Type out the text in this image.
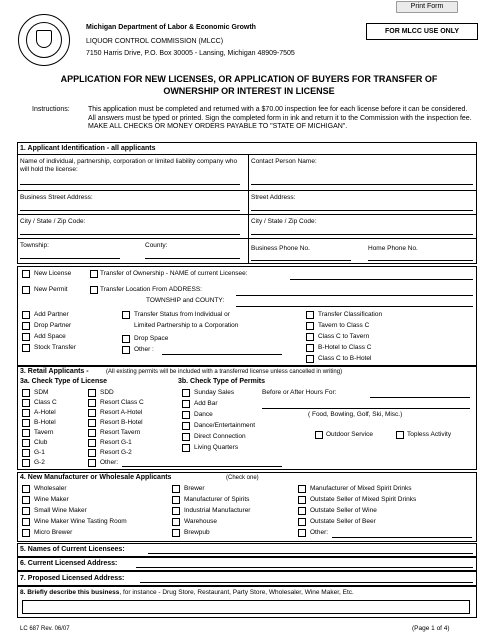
Print Form
Michigan Department of Labor & Economic Growth
LIQUOR CONTROL COMMISSION (MLCC)
7150 Harris Drive, P.O. Box 30005 - Lansing, Michigan 48909-7505
FOR MLCC USE ONLY
APPLICATION FOR NEW LICENSES, OR APPLICATION OF BUYERS FOR TRANSFER OF
OWNERSHIP OR INTEREST IN LICENSE
Instructions:	This application must be completed and returned with a $70.00 inspection fee for each license before it can be considered. All answers must be typed or printed. Sign the completed form in ink and return it to the Commission with the inspection fee. MAKE ALL CHECKS OR MONEY ORDERS PAYABLE TO "STATE OF MICHIGAN".
1. Applicant Identification - all applicants
Name of individual, partnership, corporation or limited liability company who will hold the license:
Contact Person Name:
Business Street Address:	Street Address:
City / State / Zip Code:	City / State / Zip Code:
Township:	County:	Business Phone No.	Home Phone No.
New License	Transfer of Ownership - NAME of current Licensee:
New Permit	Transfer Location From ADDRESS:
TOWNSHIP and COUNTY:
Add Partner
Drop Partner
Add Space
Stock Transfer
Transfer Status from Individual or
Limited Partnership to a Corporation
Drop Space
Other :
Transfer Classification
Tavern to Class C
Class C to Tavern
B-Hotel to Class C
Class C to B-Hotel
3. Retail Applicants -	(All existing permits will be included with a transferred license unless cancelled in writing)
3a. Check Type of License	3b. Check Type of Permits
Before or After Hours For:
( Food, Bowling, Golf, Ski, Misc.)
Outdoor Service	Topless Activity
4. New Manufacturer or Wholesale Applicants	(Check one)
5. Names of Current Licensees:
6. Current Licensed Address:
7. Proposed Licensed Address:
8. Briefly describe this business, for instance - Drug Store, Restaurant, Party Store, Wholesaler, Wine Maker, Etc.
LC 687 Rev. 06/07	(Page 1 of 4)
SDM
Class C
A-Hotel
B-Hotel
Tavern
Club
G-1
G-2
SDD
Resort Class C
Resort A-Hotel
Resort B-Hotel
Resort Tavern
Resort G-1
Resort G-2
Other:
Sunday Sales
Add Bar
Dance
Dance/Entertainment
Direct Connection
Living Quarters
Wholesaler
Wine Maker
Small Wine Maker
Wine Maker Wine Tasting Room
Micro Brewer
Brewer
Manufacturer of Spirits
Industrial Manufacturer
Warehouse
Brewpub
Manufacturer of Mixed Spirit Drinks
Outstate Seller of Mixed Spirit Drinks
Outstate Seller of Wine
Outstate Seller of Beer
Other:
